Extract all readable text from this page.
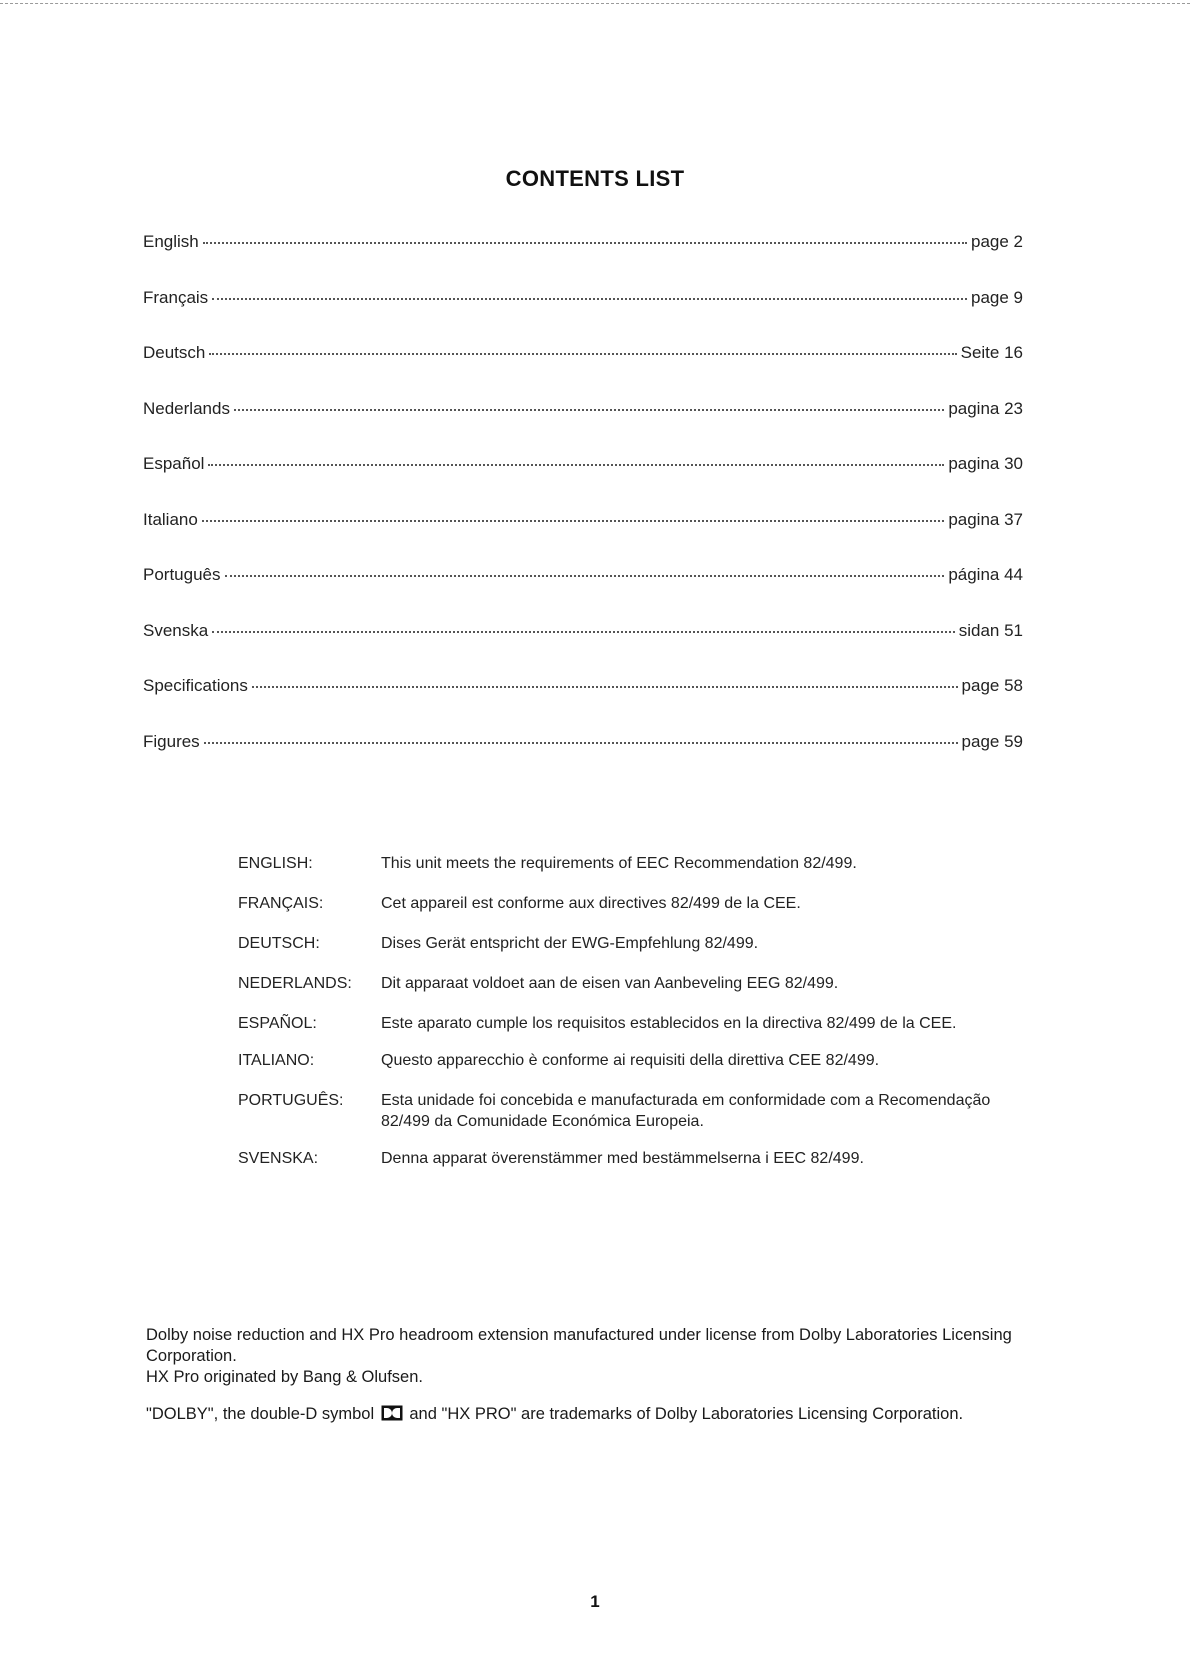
CONTENTS LIST
English	page 2
Français	page 9
Deutsch	Seite 16
Nederlands	pagina 23
Español	pagina 30
Italiano	pagina 37
Português	página 44
Svenska	sidan 51
Specifications	page 58
Figures	page 59
ENGLISH:	This unit meets the requirements of EEC Recommendation 82/499.
FRANÇAIS:	Cet appareil est conforme aux directives 82/499 de la CEE.
DEUTSCH:	Dises Gerät entspricht der EWG-Empfehlung 82/499.
NEDERLANDS:	Dit apparaat voldoet aan de eisen van Aanbeveling EEG 82/499.
ESPAÑOL:	Este aparato cumple los requisitos establecidos en la directiva 82/499 de la CEE.
ITALIANO:	Questo apparecchio è conforme ai requisiti della direttiva CEE 82/499.
PORTUGUÊS:	Esta unidade foi concebida e manufacturada em conformidade com a Recomendação 82/499 da Comunidade Económica Europeia.
SVENSKA:	Denna apparat överenstämmer med bestämmelserna i EEC 82/499.

Dolby noise reduction and HX Pro headroom extension manufactured under license from Dolby Laboratories Licensing Corporation.

HX Pro originated by Bang & Olufsen.

"DOLBY", the double-D symbol and "HX PRO" are trademarks of Dolby Laboratories Licensing Corporation.

1
